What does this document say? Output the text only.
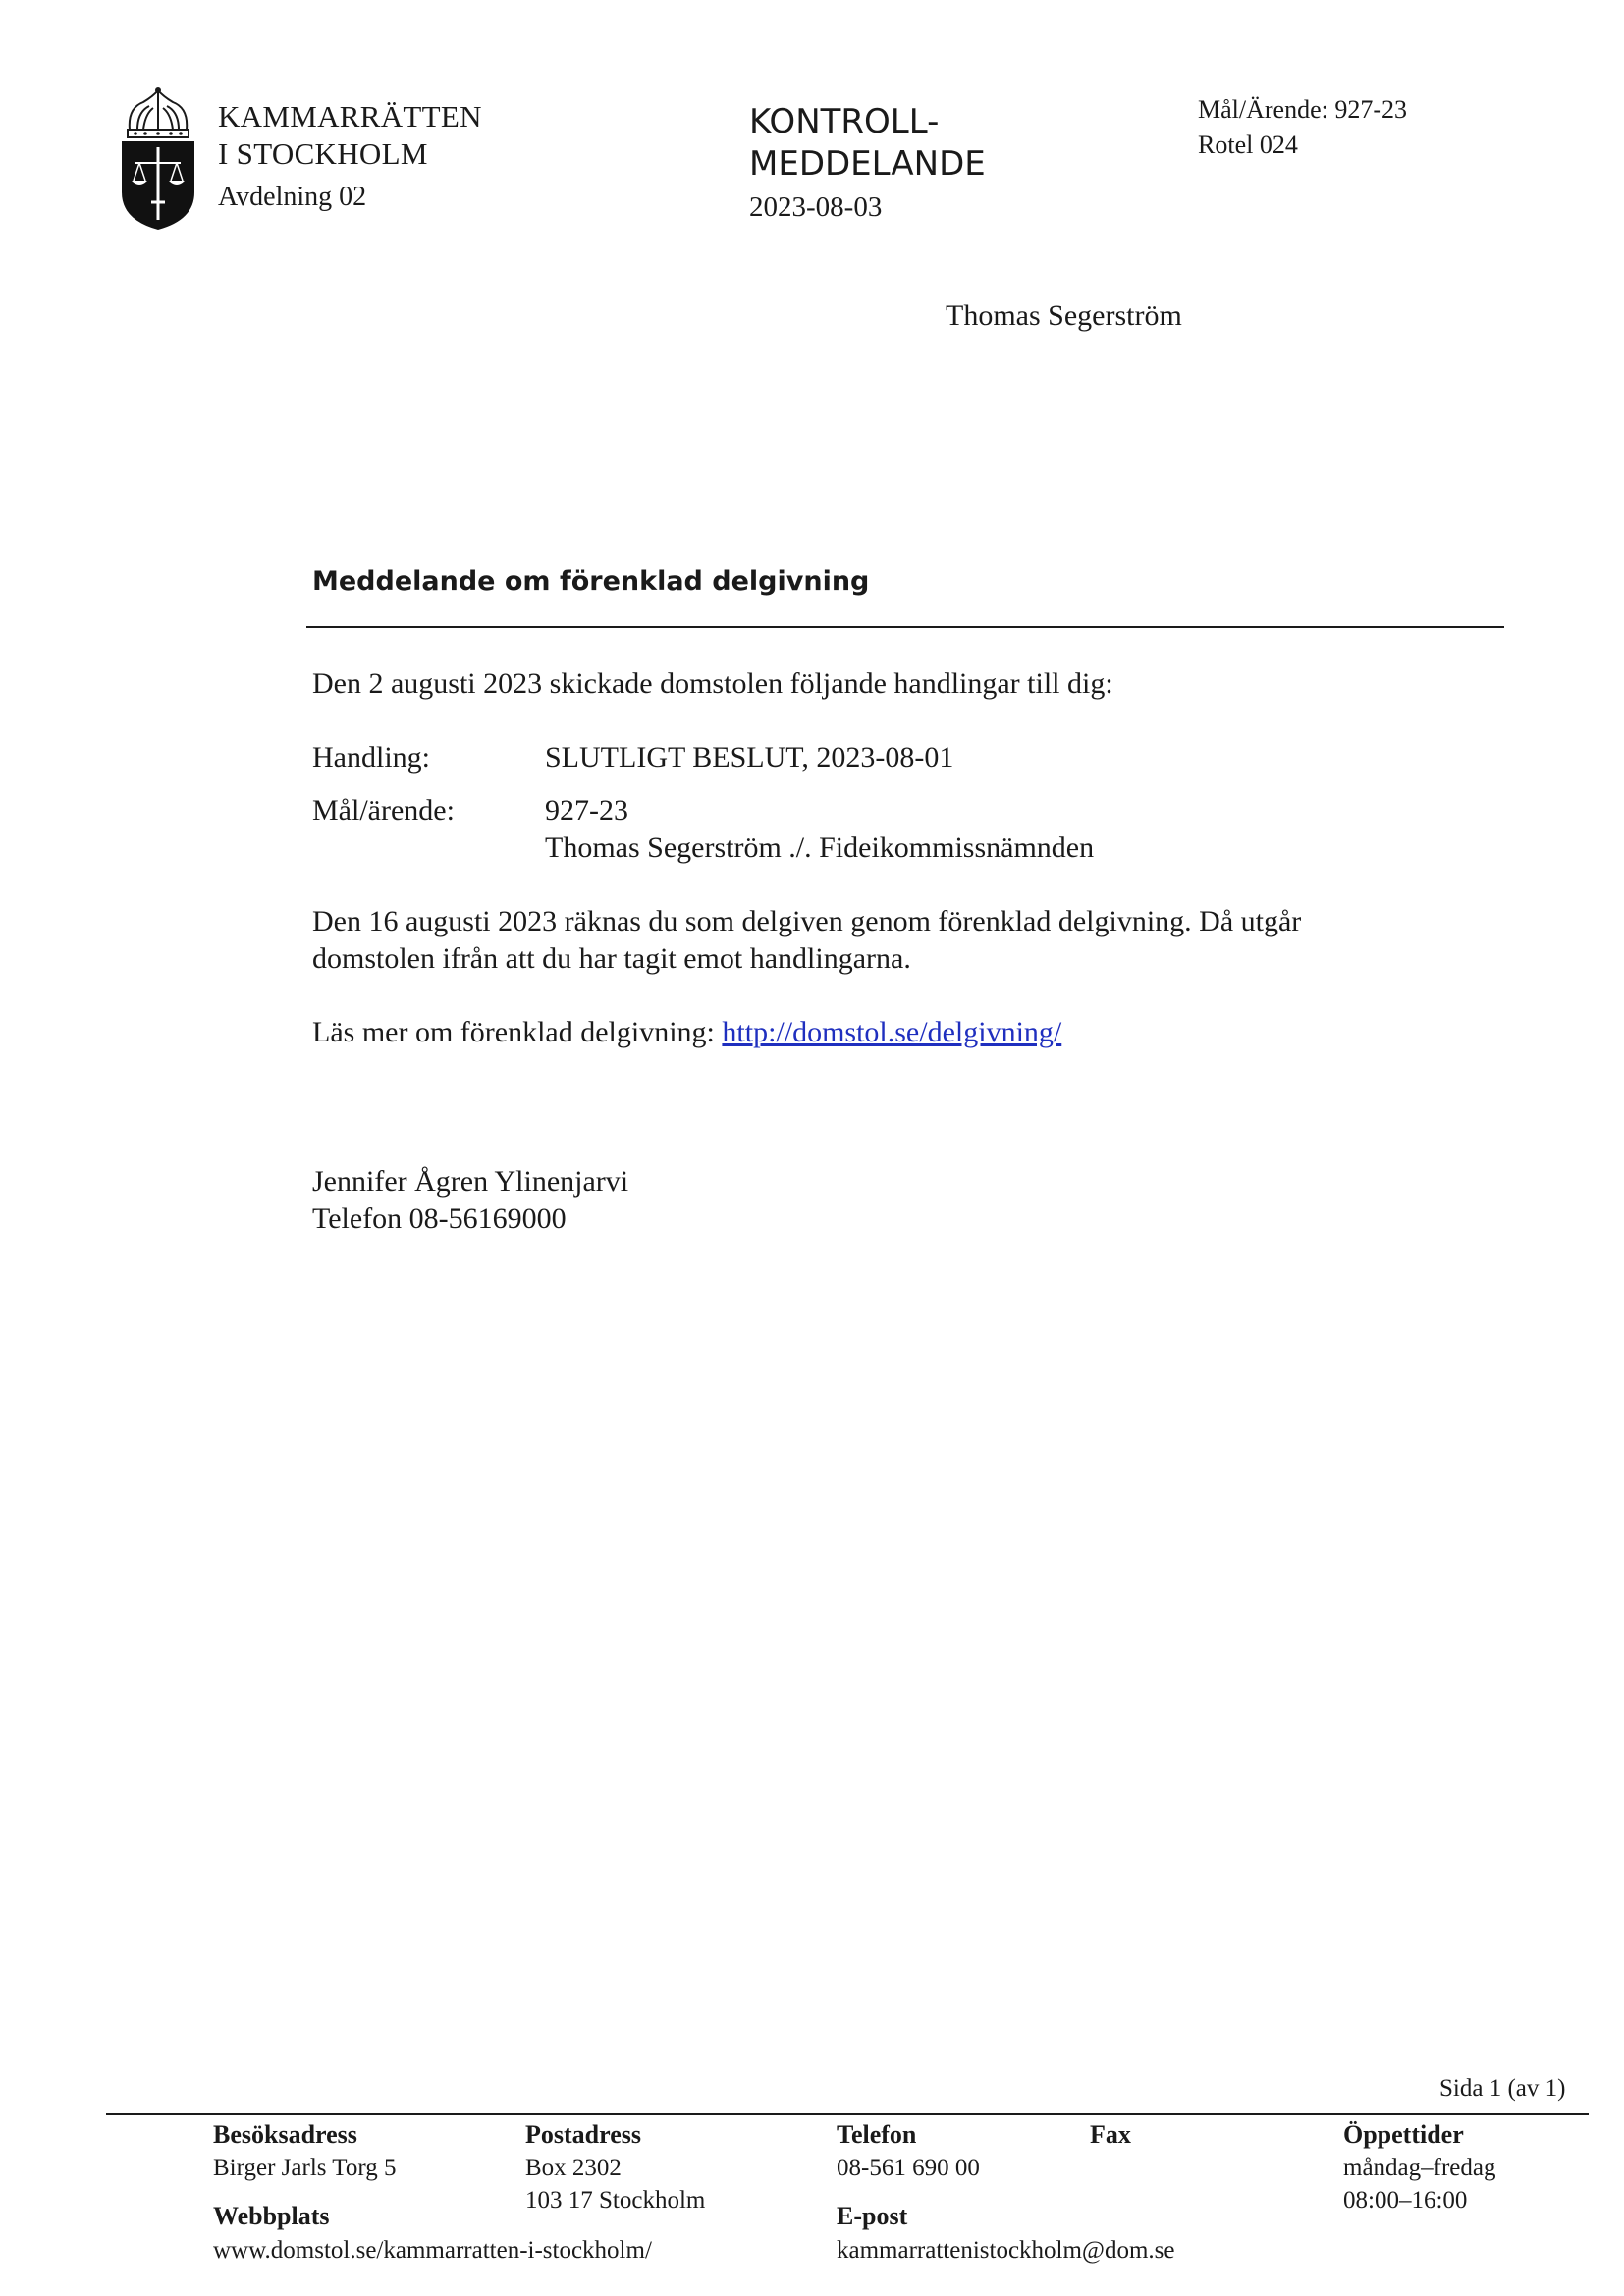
KAMMARRÄTTEN
I STOCKHOLM
Avdelning 02
KONTROLL-
MEDDELANDE
2023-08-03
Mål/Ärende: 927-23
Rotel 024
Thomas Segerström
Meddelande om förenklad delgivning
Den 2 augusti 2023 skickade domstolen följande handlingar till dig:
Handling:	SLUTLIGT BESLUT, 2023-08-01
Mål/ärende:	927-23
Thomas Segerström ./. Fideikommissnämnden
Den 16 augusti 2023 räknas du som delgiven genom förenklad delgivning. Då utgår
domstolen ifrån att du har tagit emot handlingarna.
Läs mer om förenklad delgivning: http://domstol.se/delgivning/
Jennifer Ågren Ylinenjarvi
Telefon 08-56169000
Sida 1 (av 1)
Besöksadress
Birger Jarls Torg 5
Webbplats
www.domstol.se/kammarratten-i-stockholm/
Postadress
Box 2302
103 17 Stockholm
Telefon
08-561 690 00
E-post
kammarrattenistockholm@dom.se
Fax	Öppettider
måndag–fredag
08:00–16:00
